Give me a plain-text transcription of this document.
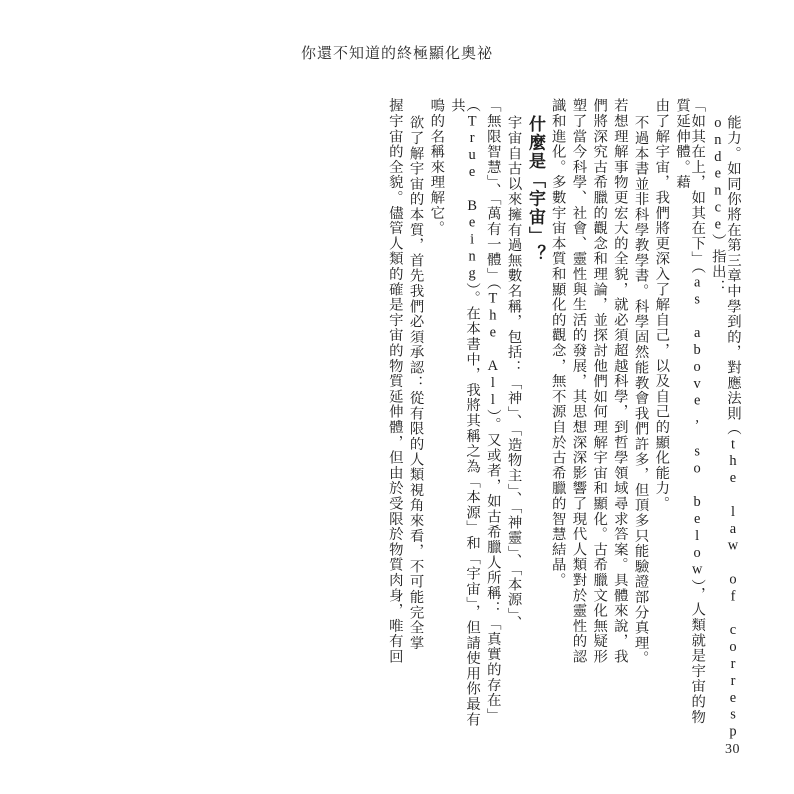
你還不知道的終極顯化奧祕
能力。如同你將在第三章中學到的，對應法則（the law of correspondence）指出：
「如其在上，如其在下」（as above, so below），人類就是宇宙的物質延伸體。藉
由了解宇宙，我們將更深入了解自己，以及自己的顯化能力。
不過本書並非科學教學書。科學固然能教會我們許多，但頂多只能驗證部分真理。
若想理解事物更宏大的全貌，就必須超越科學，到哲學領域尋求答案。具體來說，我
們將深究古希臘的觀念和理論，並探討他們如何理解宇宙和顯化。古希臘文化無疑形
塑了當今科學、社會、靈性與生活的發展，其思想深深影響了現代人類對於靈性的認
識和進化。多數宇宙本質和顯化的觀念，無不源自於古希臘的智慧結晶。
什麼是「宇宙」？
宇宙自古以來擁有過無數名稱，包括：「神」、「造物主」、「神靈」、「本源」、
「無限智慧」、「萬有一體」（The All）。又或者，如古希臘人所稱：「真實的存在」
（True Being）。在本書中，我將其稱之為「本源」和「宇宙」，但請使用你最有共
鳴的名稱來理解它。
欲了解宇宙的本質，首先我們必須承認：從有限的人類視角來看，不可能完全掌
握宇宙的全貌。儘管人類的確是宇宙的物質延伸體，但由於受限於物質肉身，唯有回
30
